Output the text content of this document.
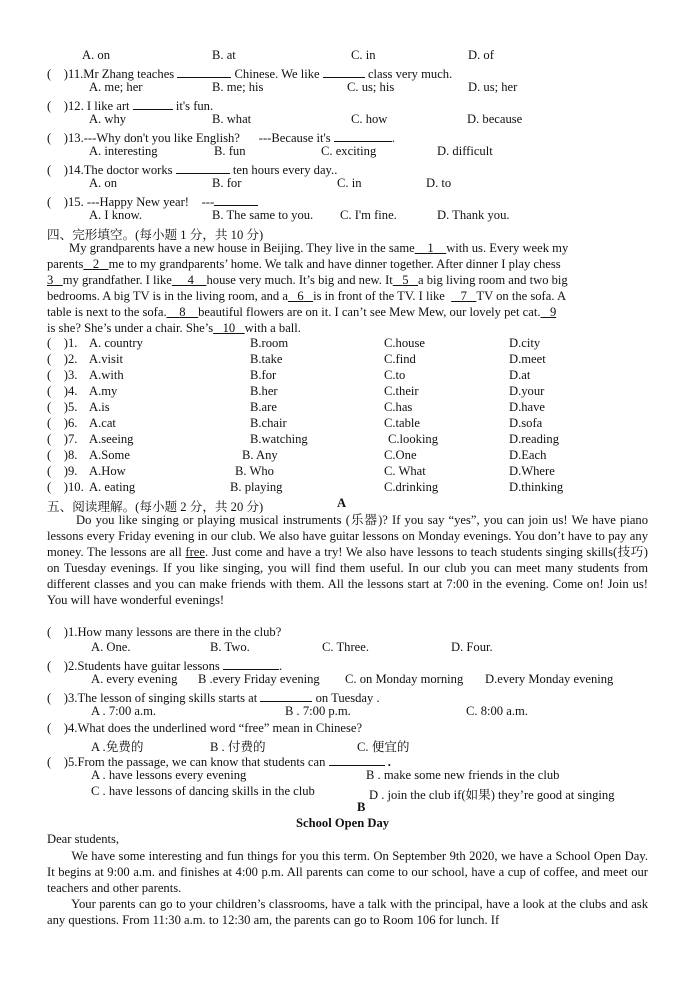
A. on	B. at	C. in	D. of
(    )11.Mr Zhang teaches	Chinese. We like	class very much.
A. me; her	B. me; his	C. us; his	D. us; her
(    )12. I like art	it's fun.
A. why	B. what	C. how	D. because
(    )13.---Why don't you like English? ---Because it's	.
A. interesting	B. fun	C. exciting	D. difficult
(    )14.The doctor works	ten hours every day..
A. on	B. for	C. in	D. to
(    )15. ---Happy New year! ---
A. I know.	B. The same to you. C. I'm fine.	D. Thank you.
四、完形填空。(每小题 1 分，共 10 分)
My grandparents have a new house in Beijing. They live in the same 1 with us. Every week my
parents 2 me to my grandparents’ home. We talk and have dinner together. After dinner I play chess
3 my grandfather. I like 4 house very much. It’s big and new. It 5 a big living room and two big
bedrooms. A big TV is in the living room, and a 6 is in front of the TV. I like 7 TV on the sofa. A
table is next to the sofa. 8 beautiful flowers are on it. I can’t see Mew Mew, our lovely pet cat. 9
is she? She’s under a chair. She’s 10 with a ball.
(    )1. A. country	B.room	C.house	D.city
(    )2. A.visit	B.take	C.find	D.meet
(    )3. A.with	B.for	C.to	D.at
(    )4. A.my	B.her	C.their	D.your
(    )5. A.is	B.are	C.has	D.have
(    )6. A.cat	B.chair	C.table	D.sofa
(    )7. A.seeing	B.watching	C.looking	D.reading
(    )8. A.Some	B. Any	C.One	D.Each
(    )9. A.How	B. Who	C. What	D.Where
(    )10. A. eating	B. playing	C.drinking	D.thinking
五、阅读理解。(每小题 2 分，共 20 分)	A

Do you like singing or playing musical instruments (乐器)? If you say “yes”, you can join us! We have piano lessons every Friday evening in our club. We also have guitar lessons on Monday evenings. You don’t have to pay any money. The lessons are all free. Just come and have a try! We also have lessons to teach students singing skills(技巧) on Tuesday evenings. If you like singing, you will find them useful. In our club you can meet many students from different classes and you can make friends with them. All the lessons start at 7:00 in the evening. Come on! Join us! You will have wonderful evenings!

(    )1.How many lessons are there in the club?
A. One.	B. Two.	C. Three.	D. Four.
(    )2.Students have guitar lessons	.
A. every evening B .every Friday evening C. on Monday morning D.every Monday evening
(    )3.The lesson of singing skills starts at	on Tuesday .
A . 7:00 a.m.	B . 7:00 p.m.	C. 8:00 a.m.
(    )4.What does the underlined word “free” mean in Chinese?
A .免费的	B . 付费的	C. 便宜的
(    )5.From the passage, we can know that students can	.
A . have lessons every evening	B . make some new friends in the club
C . have lessons of dancing skills in the club	D . join the club if(如果) they’re good at singing
B
School Open Day
Dear students,

We have some interesting and fun things for you this term. On September 9th 2020, we have a School Open Day. It begins at 9:00 a.m. and finishes at 4:00 p.m. All parents can come to our school, have a cup of coffee, and meet our teachers and other parents.

Your parents can go to your children’s classrooms, have a talk with the principal, have a look at the clubs and ask any questions. From 11:30 a.m. to 12:30 am, the parents can go to Room 106 for lunch. If
